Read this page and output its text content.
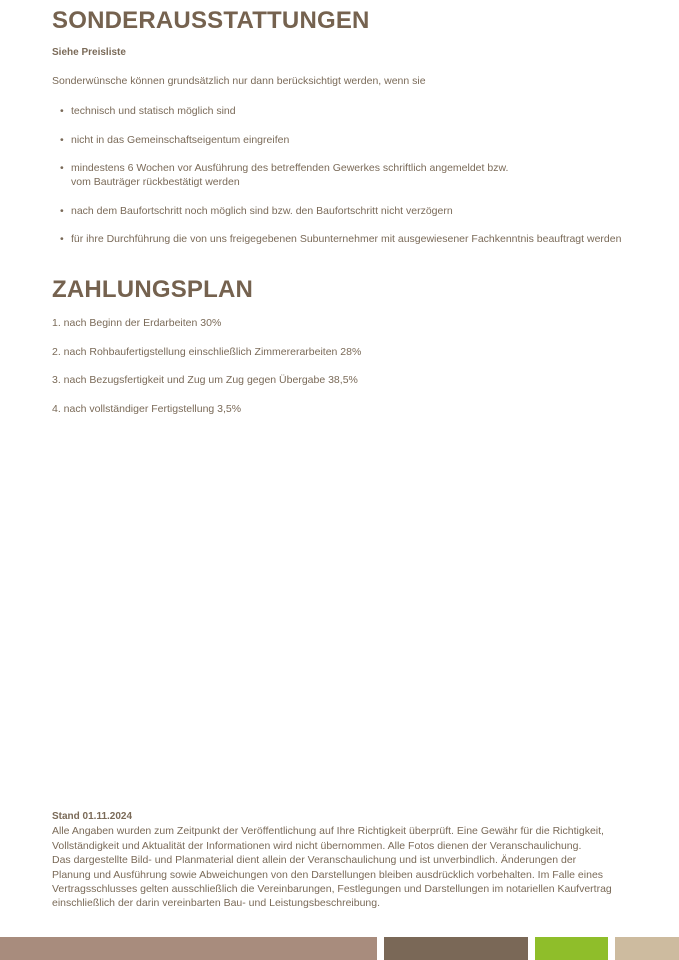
SONDERAUSSTATTUNGEN
Siehe Preisliste
Sonderwünsche können grundsätzlich nur dann berücksichtigt werden, wenn sie
• technisch und statisch möglich sind
• nicht in das Gemeinschaftseigentum eingreifen
• mindestens 6 Wochen vor Ausführung des betreffenden Gewerkes schriftlich angemeldet bzw.
vom Bauträger rückbestätigt werden
• nach dem Baufortschritt noch möglich sind bzw. den Baufortschritt nicht verzögern
• für ihre Durchführung die von uns freigegebenen Subunternehmer mit ausgewiesener Fachkenntnis beauftragt werden
ZAHLUNGSPLAN
1. nach Beginn der Erdarbeiten 30%
2. nach Rohbaufertigstellung einschließlich Zimmererarbeiten 28%
3. nach Bezugsfertigkeit und Zug um Zug gegen Übergabe 38,5%
4. nach vollständiger Fertigstellung 3,5%
Stand 01.11.2024
Alle Angaben wurden zum Zeitpunkt der Veröffentlichung auf Ihre Richtigkeit überprüft. Eine Gewähr für die Richtigkeit,
Vollständigkeit und Aktualität der Informationen wird nicht übernommen. Alle Fotos dienen der Veranschaulichung.
Das dargestellte Bild- und Planmaterial dient allein der Veranschaulichung und ist unverbindlich. Änderungen der
Planung und Ausführung sowie Abweichungen von den Darstellungen bleiben ausdrücklich vorbehalten. Im Falle eines
Vertragsschlusses gelten ausschließlich die Vereinbarungen, Festlegungen und Darstellungen im notariellen Kaufvertrag
einschließlich der darin vereinbarten Bau- und Leistungsbeschreibung.
